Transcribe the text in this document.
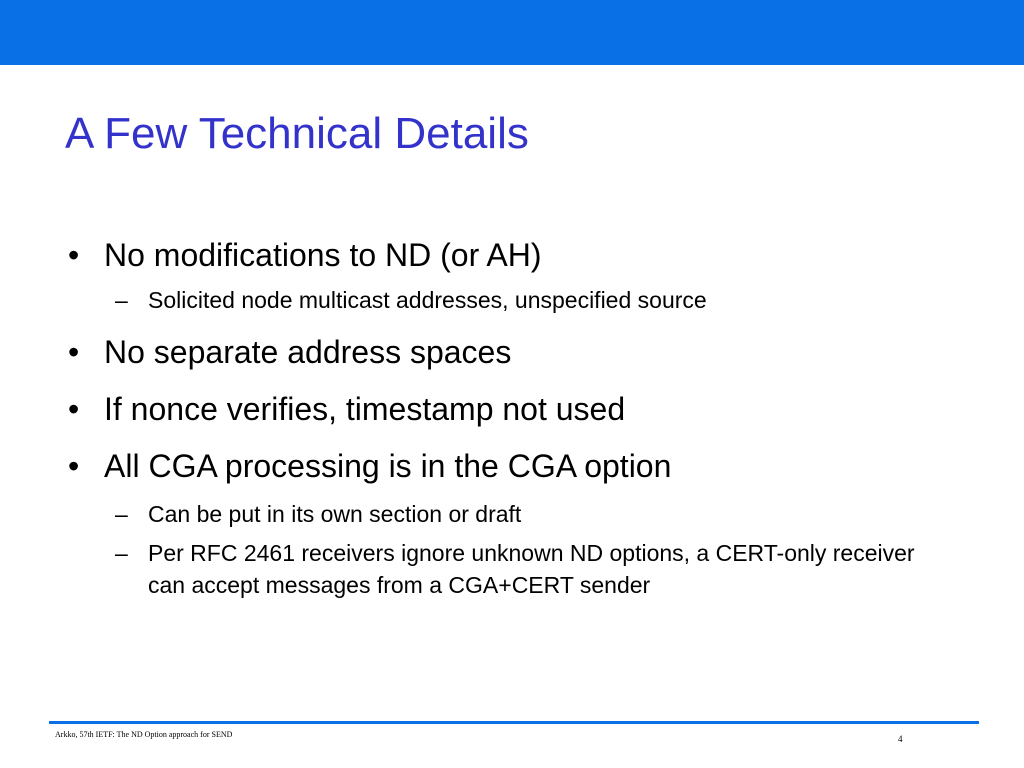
A Few Technical Details
• No modifications to ND (or AH)
– Solicited node multicast addresses, unspecified source
• No separate address spaces
• If nonce verifies, timestamp not used
• All CGA processing is in the CGA option
– Can be put in its own section or draft
– Per RFC 2461 receivers ignore unknown ND options, a CERT-only receiver can accept messages from a CGA+CERT sender
Arkko, 57th IETF: The ND Option approach for SEND	4
